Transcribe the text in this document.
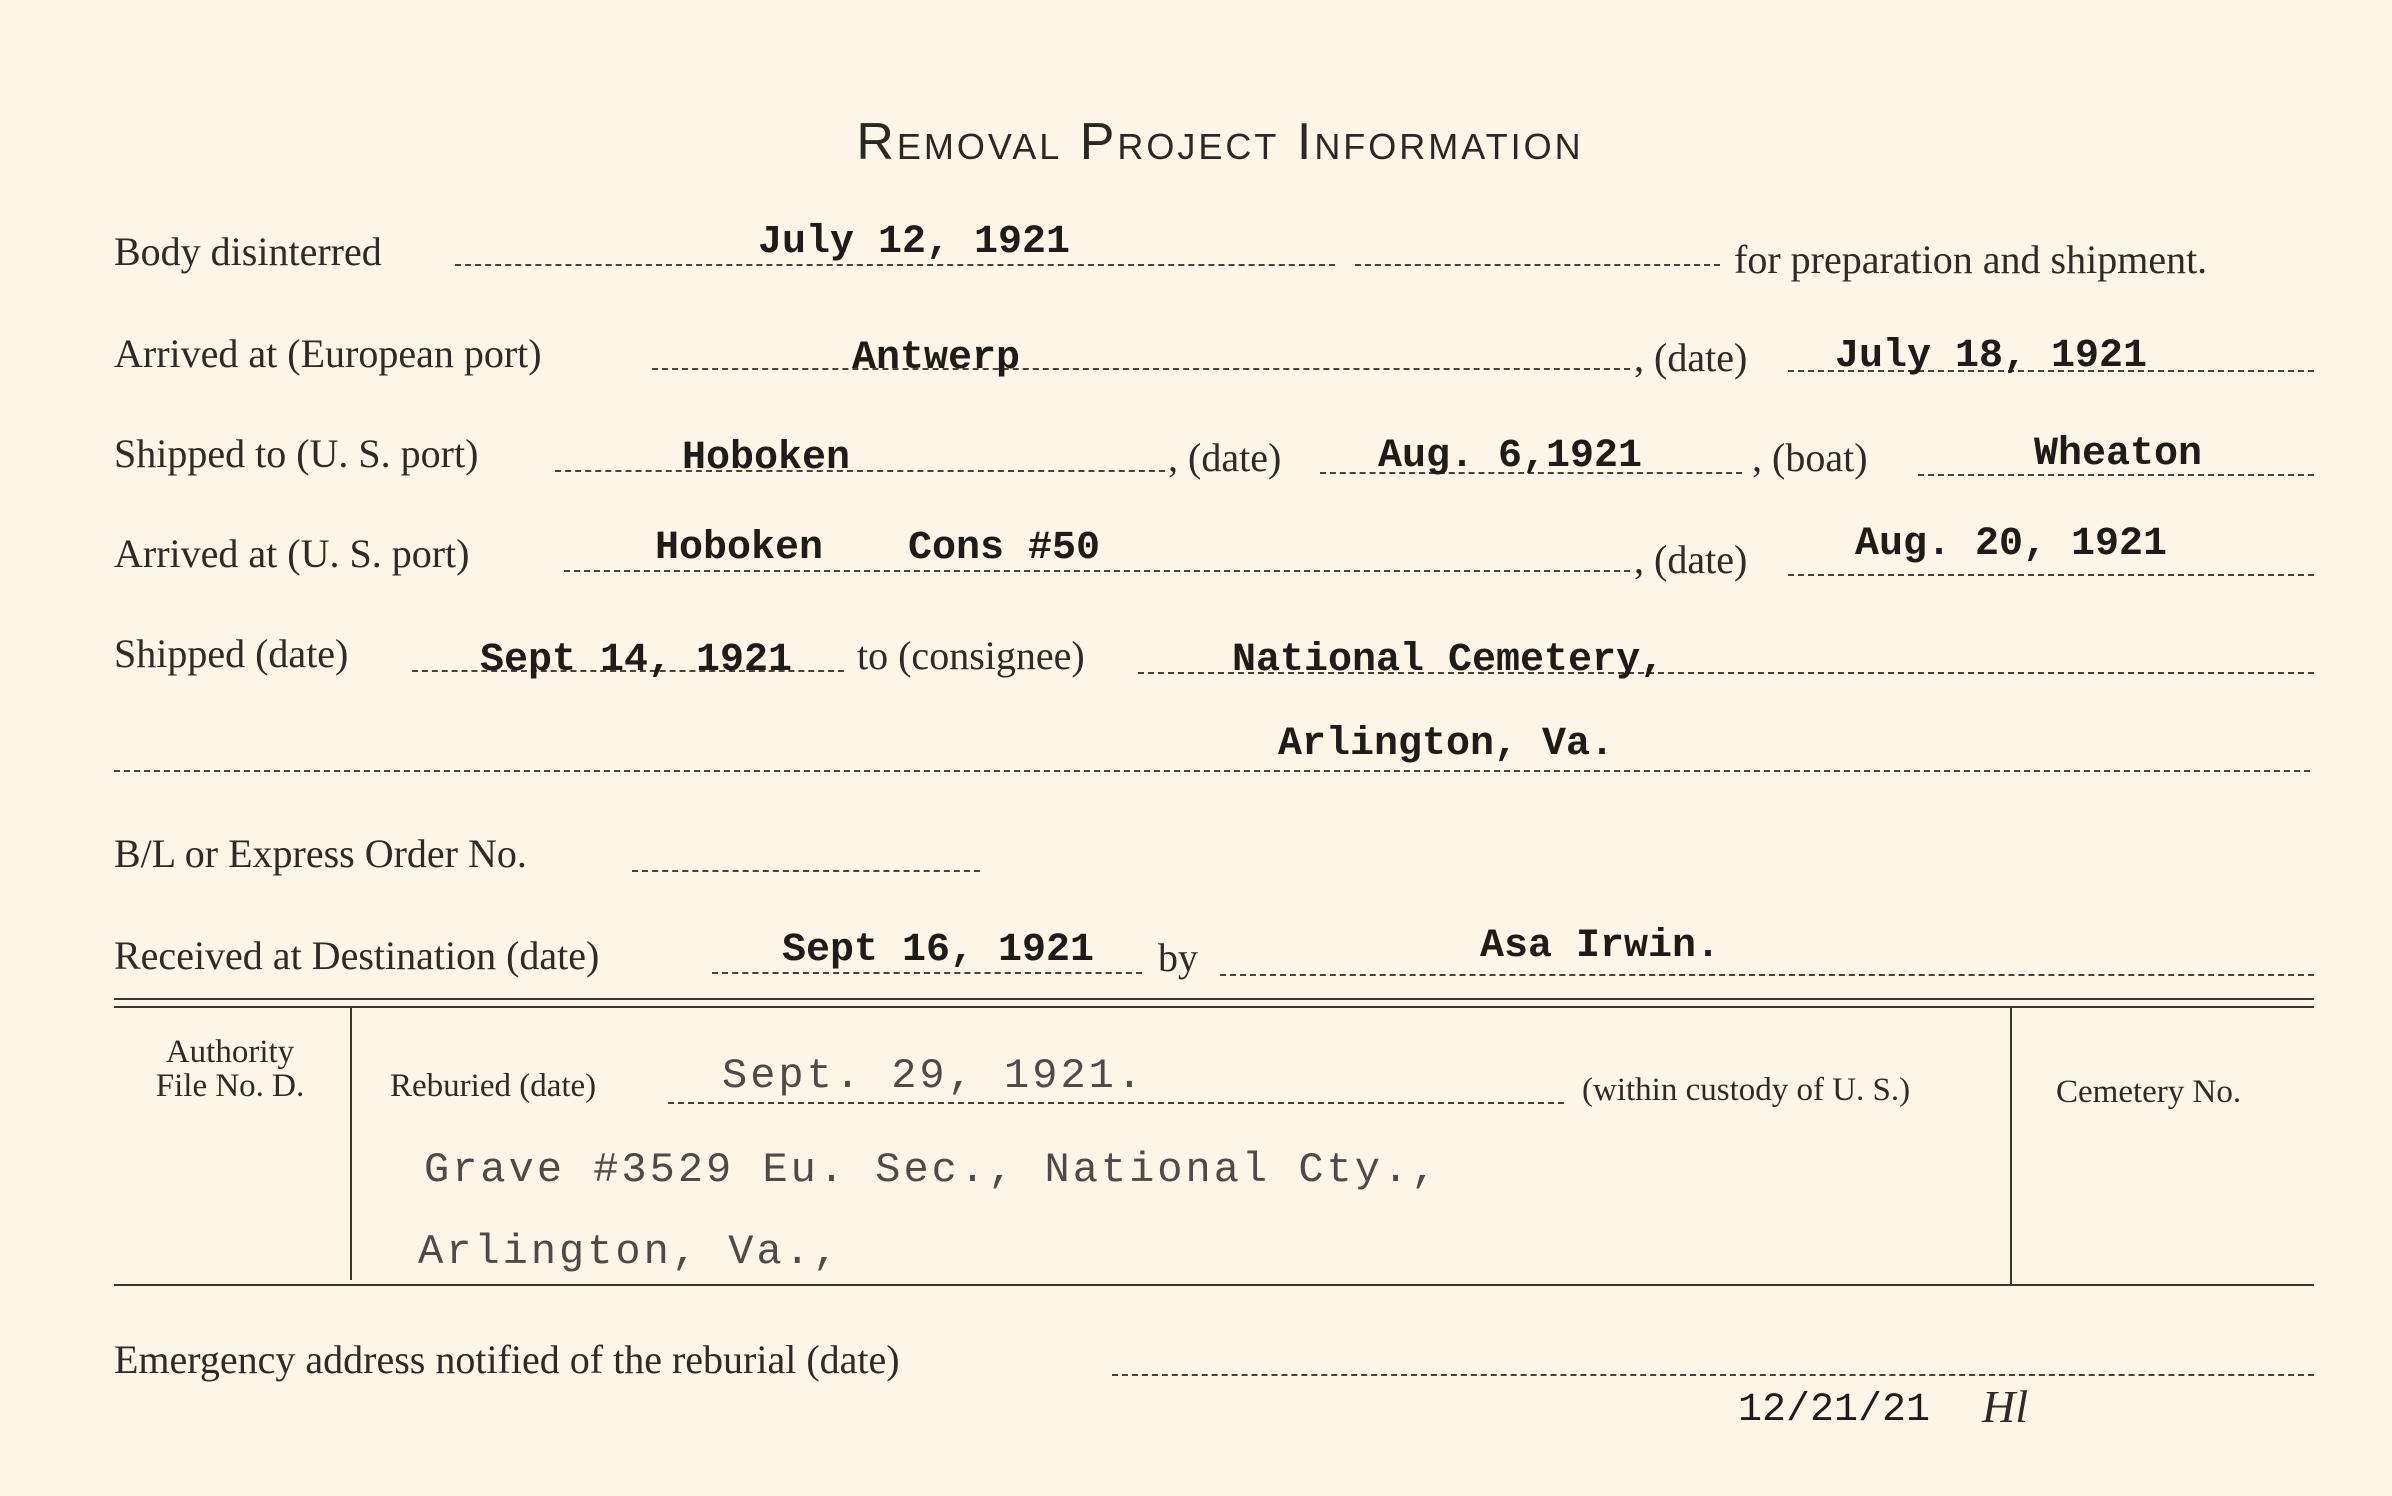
Removal Project Information
Body disinterred	July 12, 1921	for preparation and shipment.
Arrived at (European port)	Antwerp	, (date) July 18, 1921
Shipped to (U. S. port)	Hoboken	, (date) Aug. 6,1921	, (boat)	Wheaton
Arrived at (U. S. port)	Hoboken Cons #50	, (date)	Aug. 20, 1921
Shipped (date)	Sept 14, 1921 to (consignee)	National Cemetery,
Arlington, Va.
B/L or Express Order No.
Received at Destination (date)	Sept 16, 1921 by	Asa Irwin.
Authority
File No. D.	Reburied (date)	Sept. 29, 1921.	(within custody of U. S.)
Grave #3529 Eu. Sec., National Cty.,
Arlington, Va.,
Cemetery No.
Emergency address notified of the reburial (date)
12/21/21 Hl
